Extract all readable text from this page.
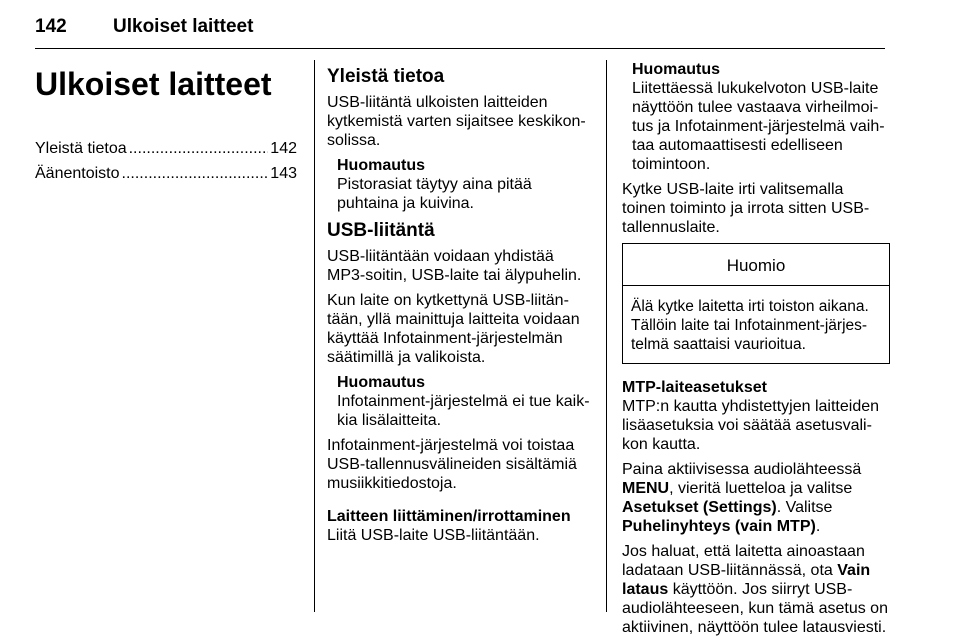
142 Ulkoiset laitteet
Ulkoiset laitteet
Yleistä tietoa .....	142
Äänentoisto .....	143
Yleistä tietoa

USB-liitäntä ulkoisten laitteiden kytkemistä varten sijaitsee keskikon-solissa.

Huomautus
Pistorasiat täytyy aina pitää puhtaina ja kuivina.
USB-liitäntä

USB-liitäntään voidaan yhdistää MP3-soitin, USB-laite tai älypuhelin.

Kun laite on kytkettynä USB-liitän-tään, yllä mainittuja laitteita voidaan käyttää Infotainment-järjestelmän säätimillä ja valikoista.

Huomautus
Infotainment-järjestelmä ei tue kaik-kia lisälaitteita.

Infotainment-järjestelmä voi toistaa USB-tallennusvälineiden sisältämiä musiikkitiedostoja.

Laitteen liittäminen/irrottaminen

Liitä USB-laite USB-liitäntään.

Huomautus
Liitettäessä lukukelvoton USB-laite näyttöön tulee vastaava virheilmoi-tus ja Infotainment-järjestelmä vaih-taa automaattisesti edelliseen toimintoon.

Kytke USB-laite irti valitsemalla toinen toiminto ja irrota sitten USB-tallennuslaite.

Huomio
Älä kytke laitetta irti toiston aikana. Tällöin laite tai Infotainment-järjes-telmä saattaisi vaurioitua.
MTP-laiteasetukset

MTP:n kautta yhdistettyjen laitteiden lisäasetuksia voi säätää asetusvali-kon kautta.

Paina aktiivisessa audiolähteessä MENU, vieritä luetteloa ja valitse Asetukset (Settings). Valitse Puhelinyhteys (vain MTP).

Jos haluat, että laitetta ainoastaan ladataan USB-liitännässä, ota Vain lataus käyttöön. Jos siirryt USB-audiolähteeseen, kun tämä asetus on aktiivinen, näyttöön tulee latausviesti.
